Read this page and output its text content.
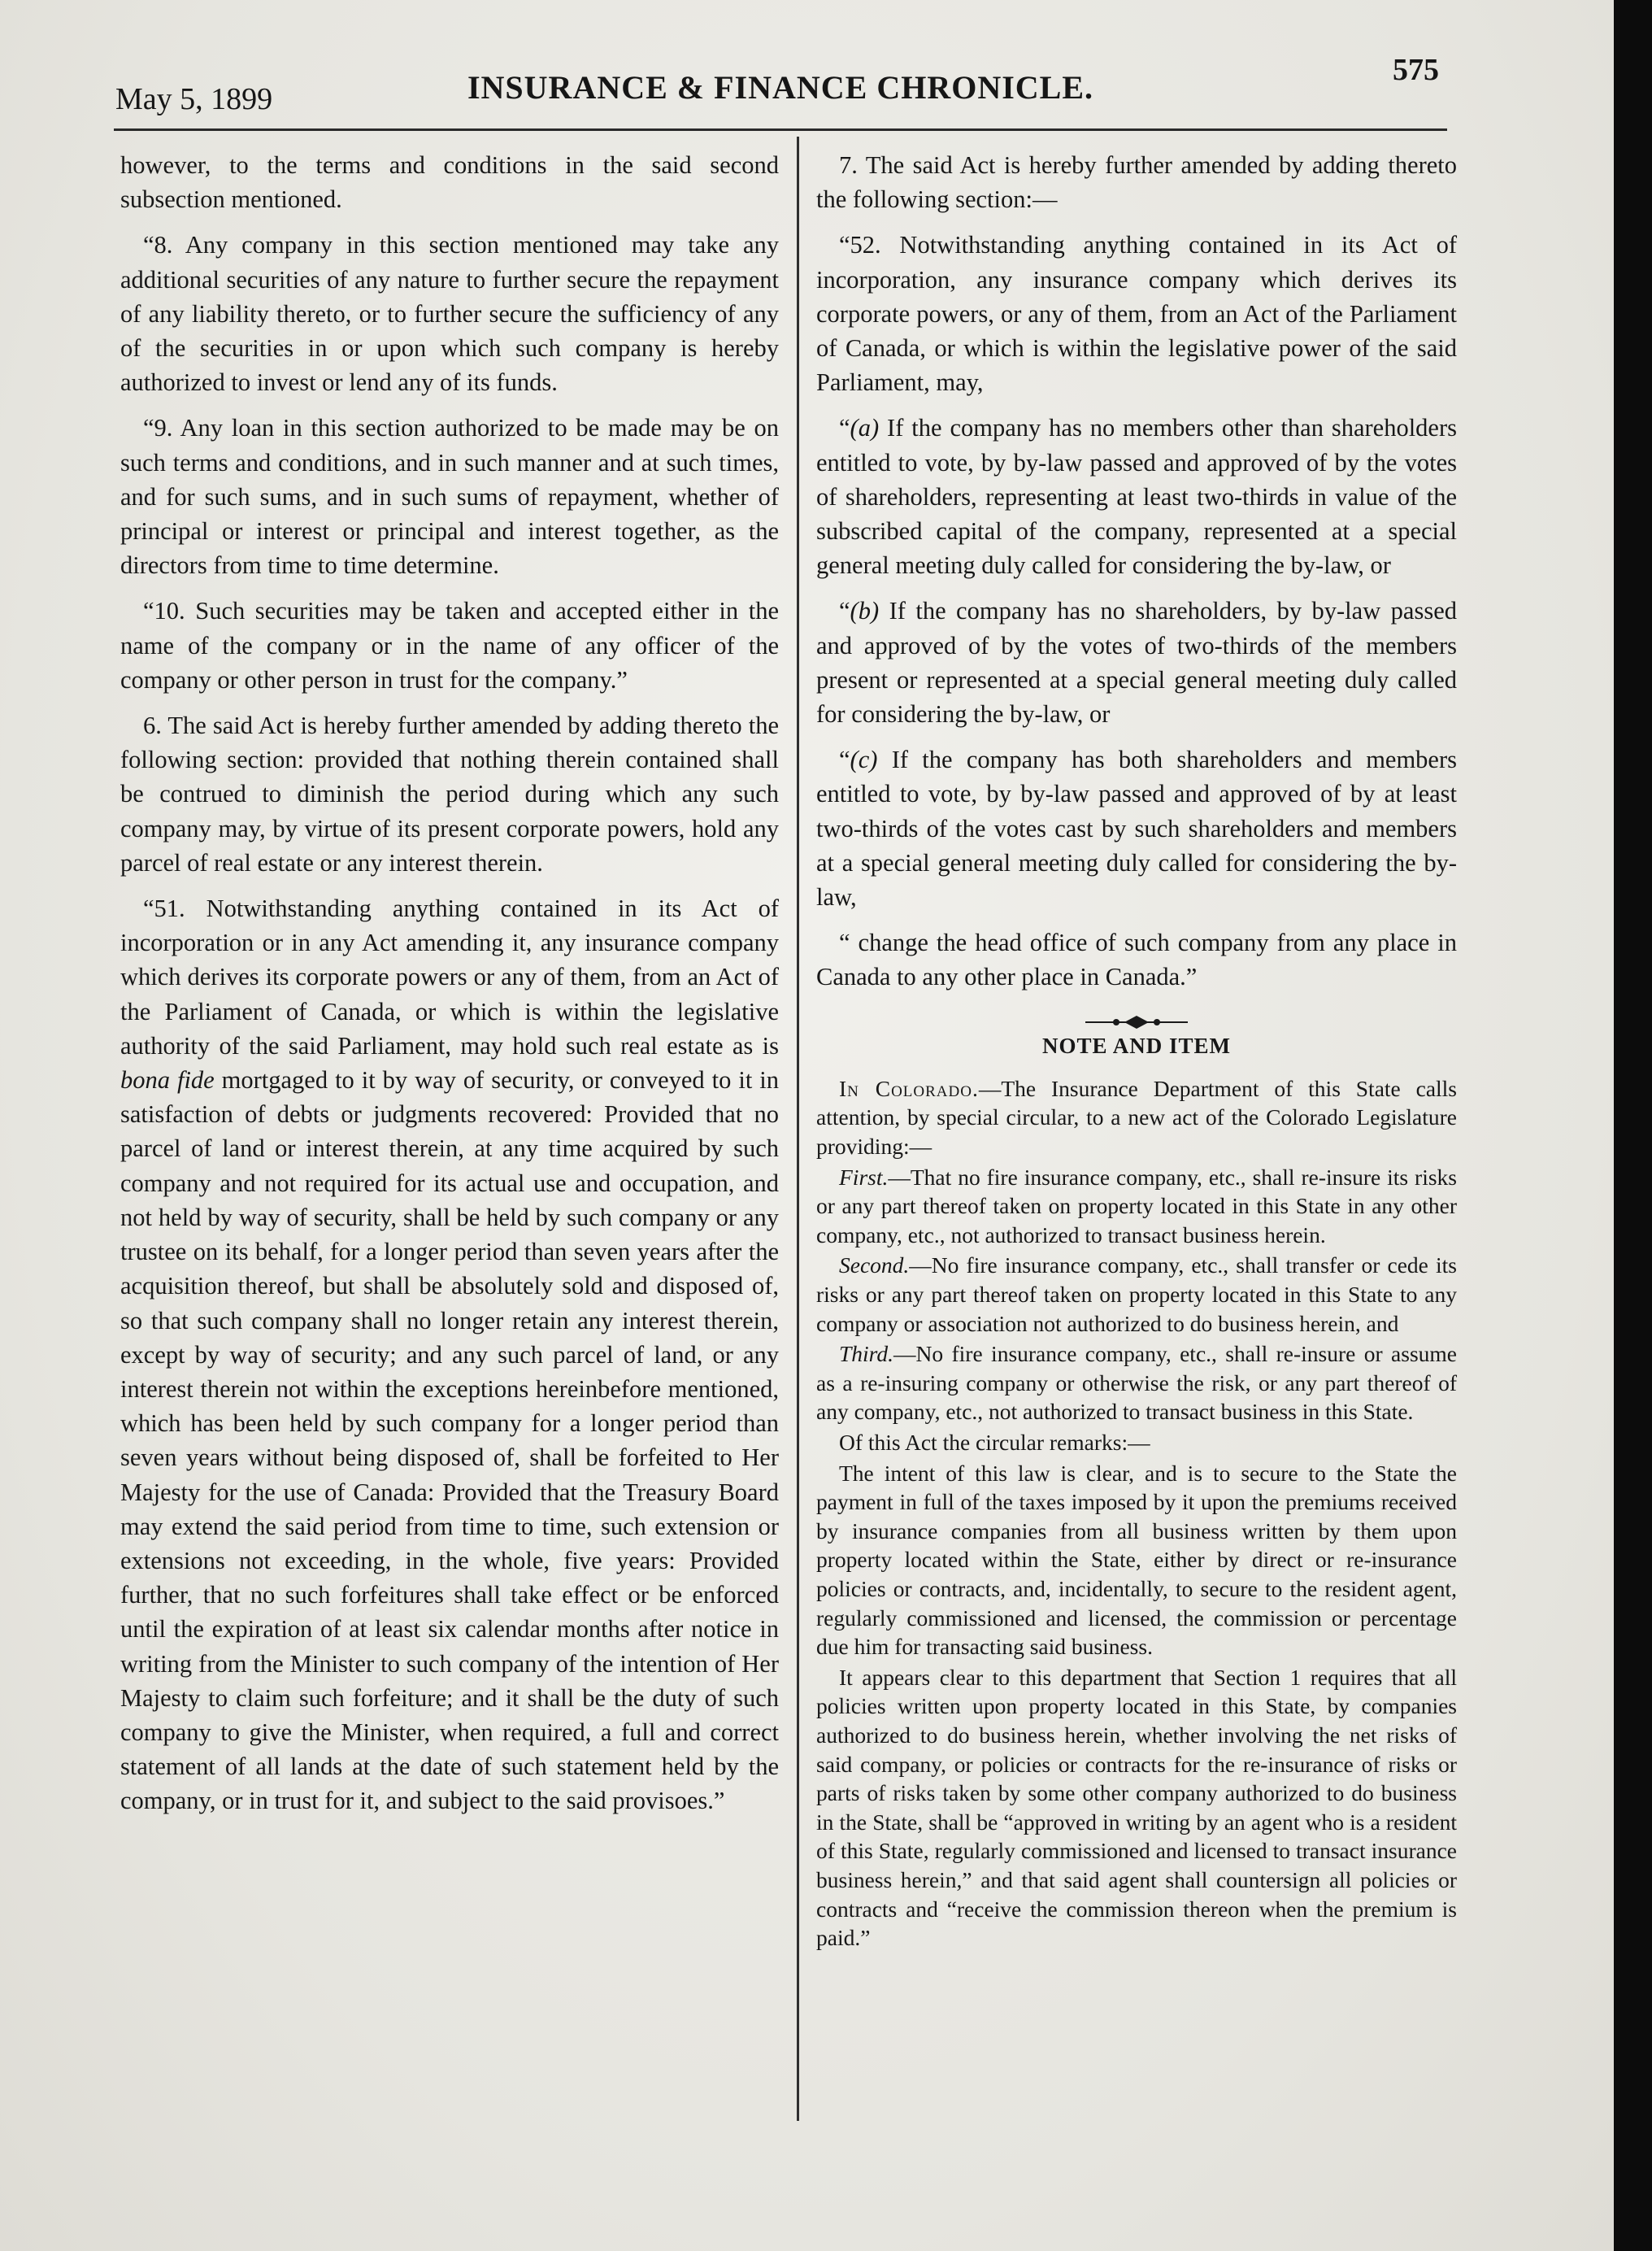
May 5, 1899	INSURANCE & FINANCE CHRONICLE.	575

however, to the terms and conditions in the said second subsection mentioned.

“8. Any company in this section mentioned may take any additional securities of any nature to further secure the repayment of any liability thereto, or to further secure the sufficiency of any of the securities in or upon which such company is hereby authorized to invest or lend any of its funds.

“9. Any loan in this section authorized to be made may be on such terms and conditions, and in such manner and at such times, and for such sums, and in such sums of repayment, whether of principal or interest or principal and interest together, as the directors from time to time determine.

“10. Such securities may be taken and accepted either in the name of the company or in the name of any officer of the company or other person in trust for the company.”

6. The said Act is hereby further amended by adding thereto the following section: provided that nothing therein contained shall be contrued to diminish the period during which any such company may, by virtue of its present corporate powers, hold any parcel of real estate or any interest therein.

“51. Notwithstanding anything contained in its Act of incorporation or in any Act amending it, any insurance company which derives its corporate powers or any of them, from an Act of the Parliament of Canada, or which is within the legislative authority of the said Parliament, may hold such real estate as is bona fide mortgaged to it by way of security, or conveyed to it in satisfaction of debts or judgments recovered: Provided that no parcel of land or interest therein, at any time acquired by such company and not required for its actual use and occupation, and not held by way of security, shall be held by such company or any trustee on its behalf, for a longer period than seven years after the acquisition thereof, but shall be absolutely sold and disposed of, so that such company shall no longer retain any interest therein, except by way of security; and any such parcel of land, or any interest therein not within the exceptions hereinbefore mentioned, which has been held by such company for a longer period than seven years without being disposed of, shall be forfeited to Her Majesty for the use of Canada: Provided that the Treasury Board may extend the said period from time to time, such extension or extensions not exceeding, in the whole, five years: Provided further, that no such forfeitures shall take effect or be enforced until the expiration of at least six calendar months after notice in writing from the Minister to such company of the intention of Her Majesty to claim such forfeiture; and it shall be the duty of such company to give the Minister, when required, a full and correct statement of all lands at the date of such statement held by the company, or in trust for it, and subject to the said provisoes.”

7. The said Act is hereby further amended by adding thereto the following section:—

“52. Notwithstanding anything contained in its Act of incorporation, any insurance company which derives its corporate powers, or any of them, from an Act of the Parliament of Canada, or which is within the legislative power of the said Parliament, may,

“(a) If the company has no members other than shareholders entitled to vote, by by-law passed and approved of by the votes of shareholders, representing at least two-thirds in value of the subscribed capital of the company, represented at a special general meeting duly called for considering the by-law, or

“(b) If the company has no shareholders, by by-law passed and approved of by the votes of two-thirds of the members present or represented at a special general meeting duly called for considering the by-law, or

“(c) If the company has both shareholders and members entitled to vote, by by-law passed and approved of by at least two-thirds of the votes cast by such shareholders and members at a special general meeting duly called for considering the by-law,

“ change the head office of such company from any place in Canada to any other place in Canada.”

NOTE AND ITEM

In Colorado.—The Insurance Department of this State calls attention, by special circular, to a new act of the Colorado Legislature providing:—

First.—That no fire insurance company, etc., shall re-insure its risks or any part thereof taken on property located in this State in any other company, etc., not authorized to transact business herein.

Second.—No fire insurance company, etc., shall transfer or cede its risks or any part thereof taken on property located in this State to any company or association not authorized to do business herein, and

Third.—No fire insurance company, etc., shall re-insure or assume as a re-insuring company or otherwise the risk, or any part thereof of any company, etc., not authorized to transact business in this State.

Of this Act the circular remarks:—

The intent of this law is clear, and is to secure to the State the payment in full of the taxes imposed by it upon the premiums received by insurance companies from all business written by them upon property located within the State, either by direct or re-insurance policies or contracts, and, incidentally, to secure to the resident agent, regularly commissioned and licensed, the commission or percentage due him for transacting said business.

It appears clear to this department that Section 1 requires that all policies written upon property located in this State, by companies authorized to do business herein, whether involving the net risks of said company, or policies or contracts for the re-insurance of risks or parts of risks taken by some other company authorized to do business in the State, shall be “approved in writing by an agent who is a resident of this State, regularly commissioned and licensed to transact insurance business herein,” and that said agent shall countersign all policies or contracts and “receive the commission thereon when the premium is paid.”
